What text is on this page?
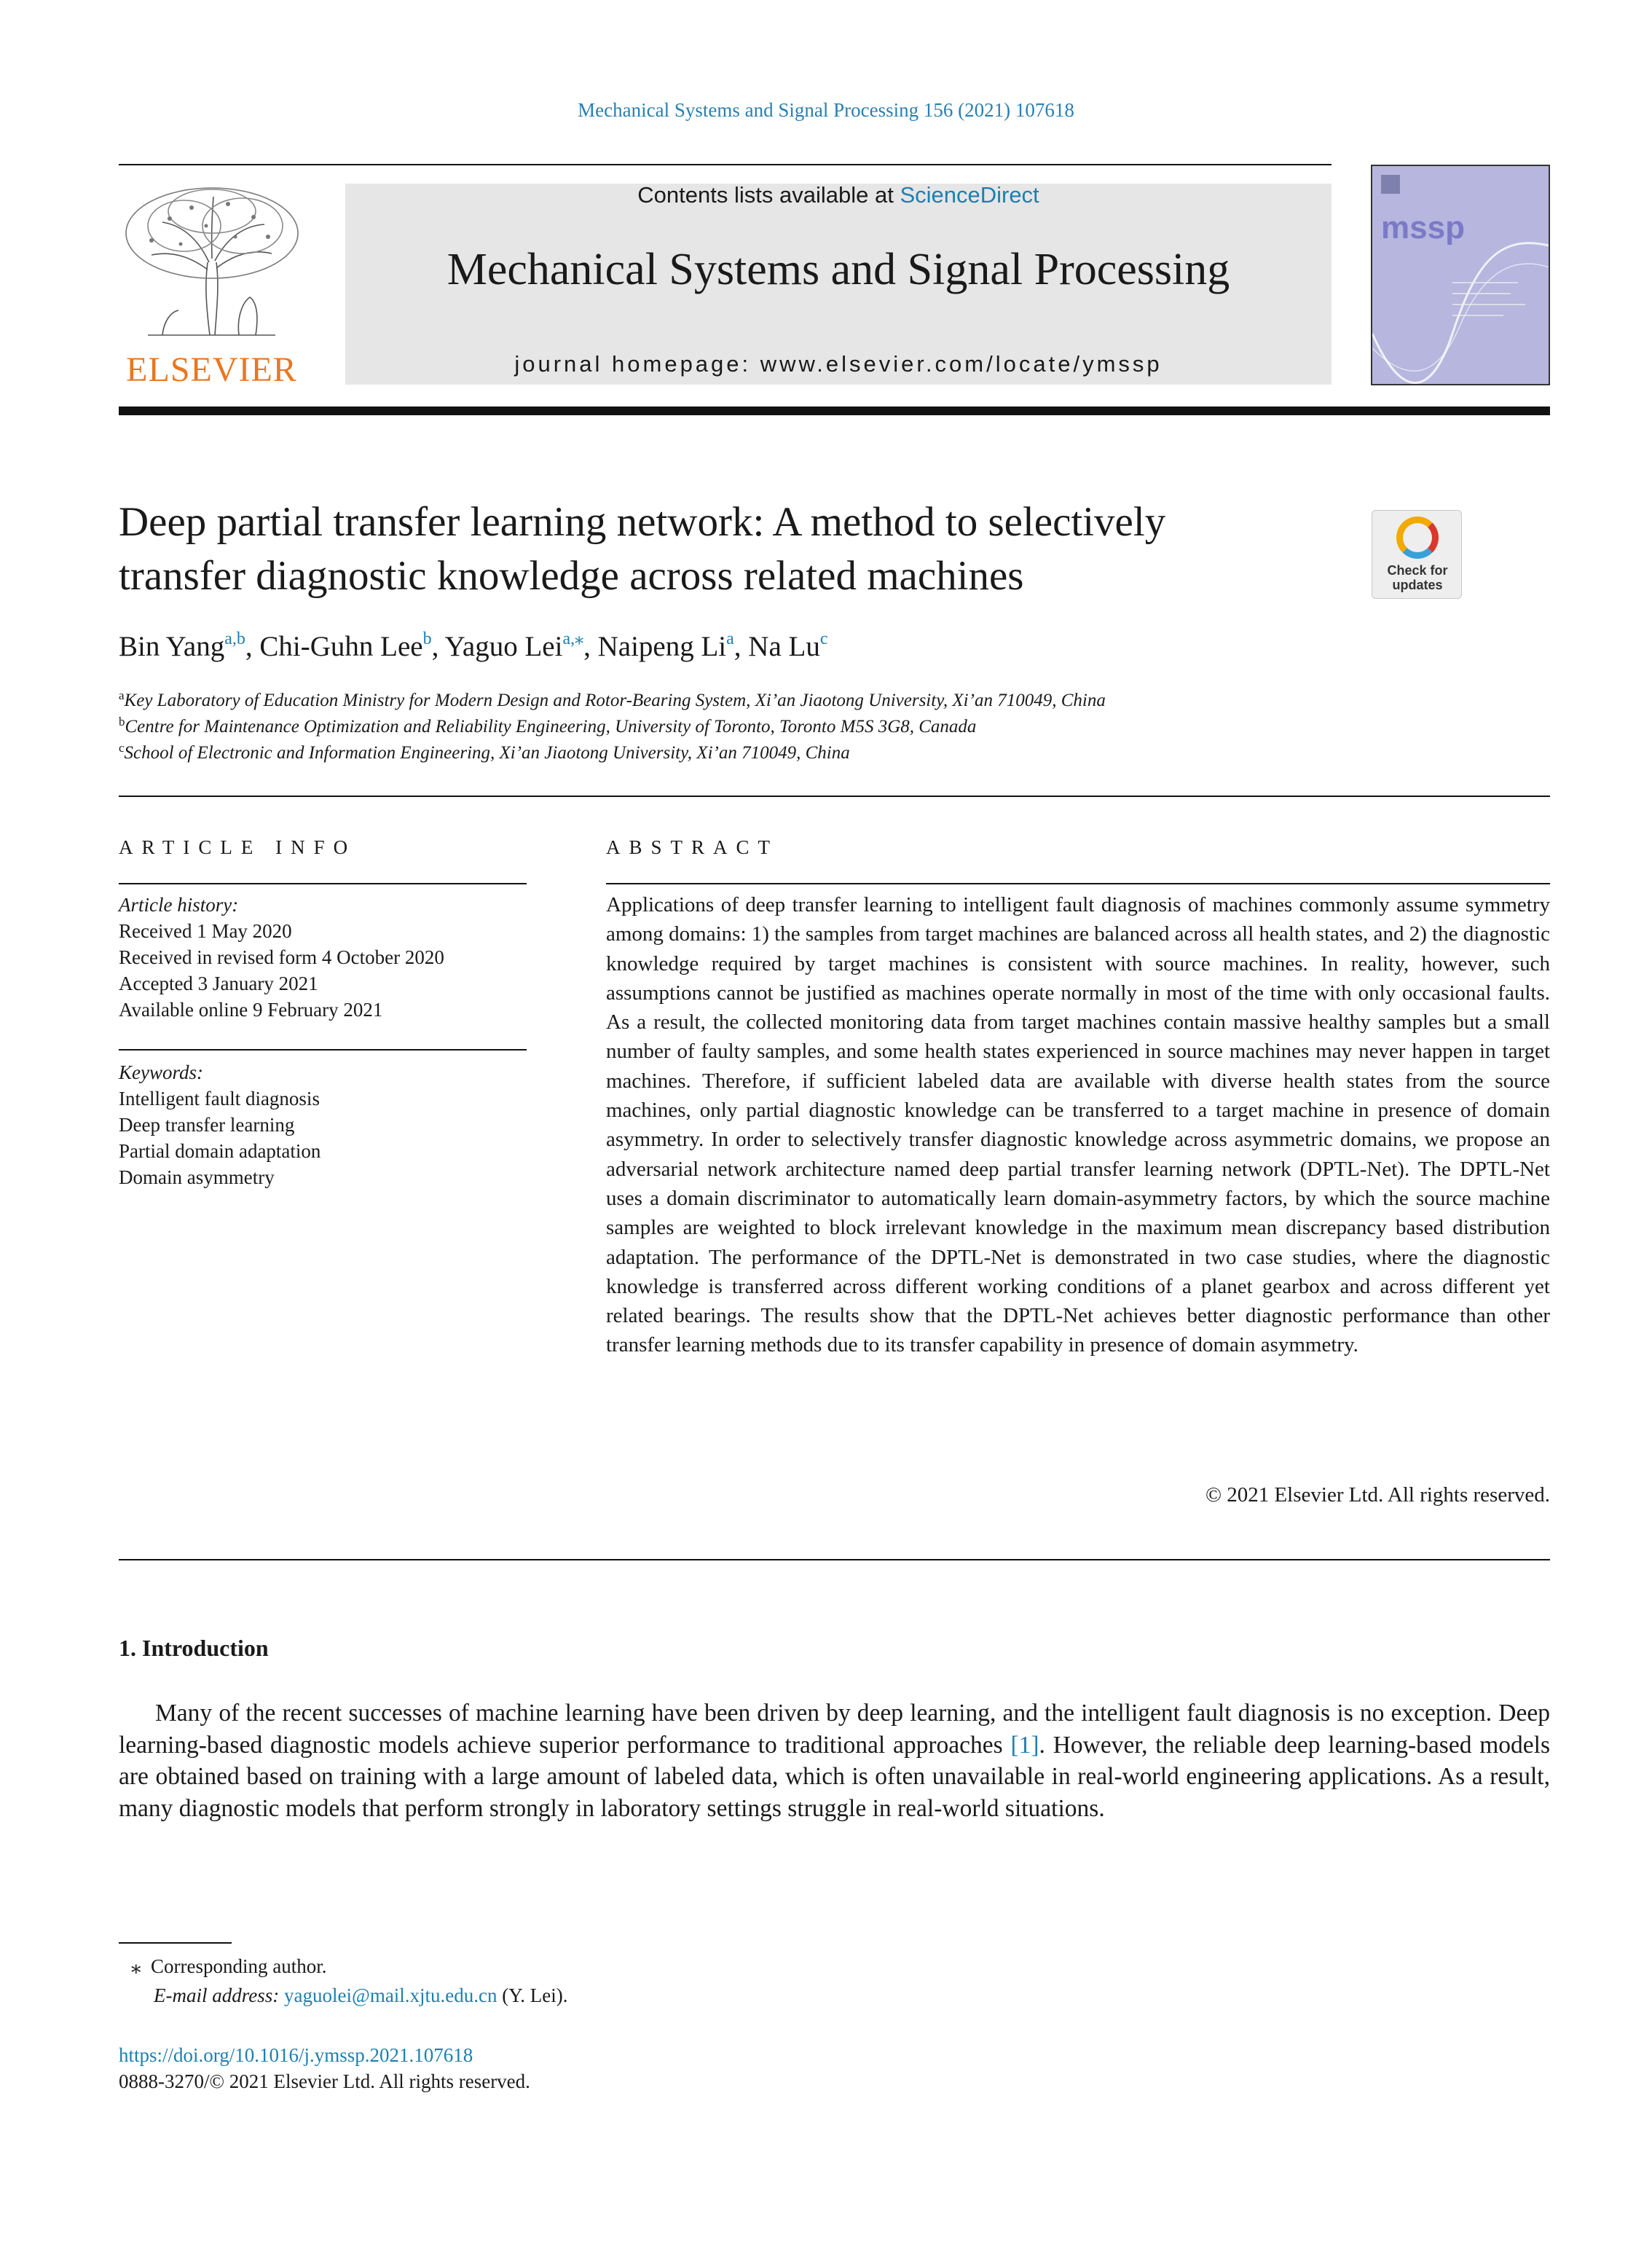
Mechanical Systems and Signal Processing 156 (2021) 107618
ELSEVIER
Contents lists available at ScienceDirect
Mechanical Systems and Signal Processing
journal homepage: www.elsevier.com/locate/ymssp
mssp
Deep partial transfer learning network: A method to selectively
transfer diagnostic knowledge across related machines	Check for
updates
Bin Yang$^{a,b}$, Chi-Guhn Lee$^b$, Yaguo Lei$^{a,⁎}$, Naipeng Li$^a$, Na Lu$^c$
$^a$Key Laboratory of Education Ministry for Modern Design and Rotor-Bearing System, Xi’an Jiaotong University, Xi’an 710049, China
$^b$Centre for Maintenance Optimization and Reliability Engineering, University of Toronto, Toronto M5S 3G8, Canada
$^c$School of Electronic and Information Engineering, Xi’an Jiaotong University, Xi’an 710049, China
ARTICLE INFO
Article history:
Received 1 May 2020
Received in revised form 4 October 2020
Accepted 3 January 2021
Available online 9 February 2021
Keywords:
Intelligent fault diagnosis
Deep transfer learning
Partial domain adaptation
Domain asymmetry
ABSTRACT
Applications of deep transfer learning to intelligent fault diagnosis of machines commonly assume symmetry among domains: 1) the samples from target machines are balanced across all health states, and 2) the diagnostic knowledge required by target machines is consistent with source machines. In reality, however, such assumptions cannot be justified as machines operate normally in most of the time with only occasional faults. As a result, the collected monitoring data from target machines contain massive healthy samples but a small number of faulty samples, and some health states experienced in source machines may never happen in target machines. Therefore, if sufficient labeled data are available with diverse health states from the source machines, only partial diagnostic knowledge can be transferred to a target machine in presence of domain asymmetry. In order to selectively transfer diagnostic knowledge across asymmetric domains, we propose an adversarial network architecture named deep partial transfer learning network (DPTL-Net). The DPTL-Net uses a domain discriminator to automatically learn domain-asymmetry factors, by which the source machine samples are weighted to block irrelevant knowledge in the maximum mean discrepancy based distribution adaptation. The performance of the DPTL-Net is demonstrated in two case studies, where the diagnostic knowledge is transferred across different working conditions of a planet gearbox and across different yet related bearings. The results show that the DPTL-Net achieves better diagnostic performance than other transfer learning methods due to its transfer capability in presence of domain asymmetry.
© 2021 Elsevier Ltd. All rights reserved.
1. Introduction
Many of the recent successes of machine learning have been driven by deep learning, and the intelligent fault diagnosis is no exception. Deep learning-based diagnostic models achieve superior performance to traditional approaches [1]. However, the reliable deep learning-based models are obtained based on training with a large amount of labeled data, which is often unavailable in real-world engineering applications. As a result, many diagnostic models that perform strongly in laboratory settings struggle in real-world situations.
⁎ Corresponding author.
E-mail address: yaguolei@mail.xjtu.edu.cn (Y. Lei).
https://doi.org/10.1016/j.ymssp.2021.107618
0888-3270/© 2021 Elsevier Ltd. All rights reserved.
